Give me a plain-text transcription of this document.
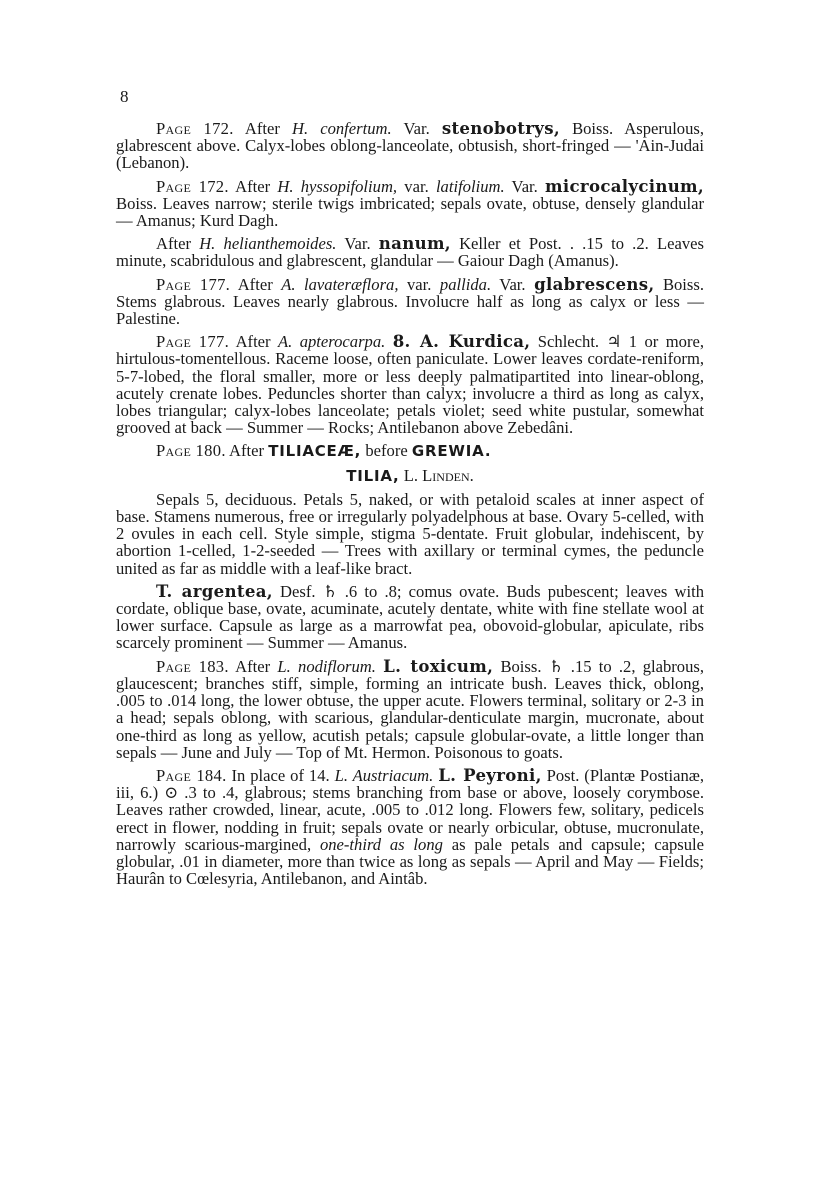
8

Page 172. After H. confertum. Var. stenobotrys, Boiss. Asperulous, glabrescent above. Calyx-lobes oblong-lanceolate, obtusish, short-fringed — 'Ain-Judai (Lebanon).

Page 172. After H. hyssopifolium, var. latifolium. Var. microcalycinum, Boiss. Leaves narrow; sterile twigs imbricated; sepals ovate, obtuse, densely glandular — Amanus; Kurd Dagh.

After H. helianthemoides. Var. nanum, Keller et Post. . .15 to .2. Leaves minute, scabridulous and glabrescent, glandular — Gaiour Dagh (Amanus).

Page 177. After A. lavateræflora, var. pallida. Var. glabrescens, Boiss. Stems glabrous. Leaves nearly glabrous. Involucre half as long as calyx or less — Palestine.

Page 177. After A. apterocarpa. 8. A. Kurdica, Schlecht. ♃ 1 or more, hirtulous-tomentellous. Raceme loose, often paniculate. Lower leaves cordate-reniform, 5-7-lobed, the floral smaller, more or less deeply palmatipartited into linear-oblong, acutely crenate lobes. Peduncles shorter than calyx; involucre a third as long as calyx, lobes triangular; calyx-lobes lanceolate; petals violet; seed white pustular, somewhat grooved at back — Summer — Rocks; Antilebanon above Zebedâni.

Page 180. After TILIACEÆ, before GREWIA.

TILIA, L. Linden.

Sepals 5, deciduous. Petals 5, naked, or with petaloid scales at inner aspect of base. Stamens numerous, free or irregularly polyadelphous at base. Ovary 5-celled, with 2 ovules in each cell. Style simple, stigma 5-dentate. Fruit globular, indehiscent, by abortion 1-celled, 1-2-seeded — Trees with axillary or terminal cymes, the peduncle united as far as middle with a leaf-like bract.

T. argentea, Desf. ♄ .6 to .8; comus ovate. Buds pubescent; leaves with cordate, oblique base, ovate, acuminate, acutely dentate, white with fine stellate wool at lower surface. Capsule as large as a marrowfat pea, obovoid-globular, apiculate, ribs scarcely prominent — Summer — Amanus.

Page 183. After L. nodiflorum. L. toxicum, Boiss. ♄ .15 to .2, glabrous, glaucescent; branches stiff, simple, forming an intricate bush. Leaves thick, oblong, .005 to .014 long, the lower obtuse, the upper acute. Flowers terminal, solitary or 2-3 in a head; sepals oblong, with scarious, glandular-denticulate margin, mucronate, about one-third as long as yellow, acutish petals; capsule globular-ovate, a little longer than sepals — June and July — Top of Mt. Hermon. Poisonous to goats.

Page 184. In place of 14. L. Austriacum. L. Peyroni, Post. (Plantæ Postianæ, iii, 6.) ⊙ .3 to .4, glabrous; stems branching from base or above, loosely corymbose. Leaves rather crowded, linear, acute, .005 to .012 long. Flowers few, solitary, pedicels erect in flower, nodding in fruit; sepals ovate or nearly orbicular, obtuse, mucronulate, narrowly scarious-margined, one-third as long as pale petals and capsule; capsule globular, .01 in diameter, more than twice as long as sepals — April and May — Fields; Haurân to Cœlesyria, Antilebanon, and Aintâb.
